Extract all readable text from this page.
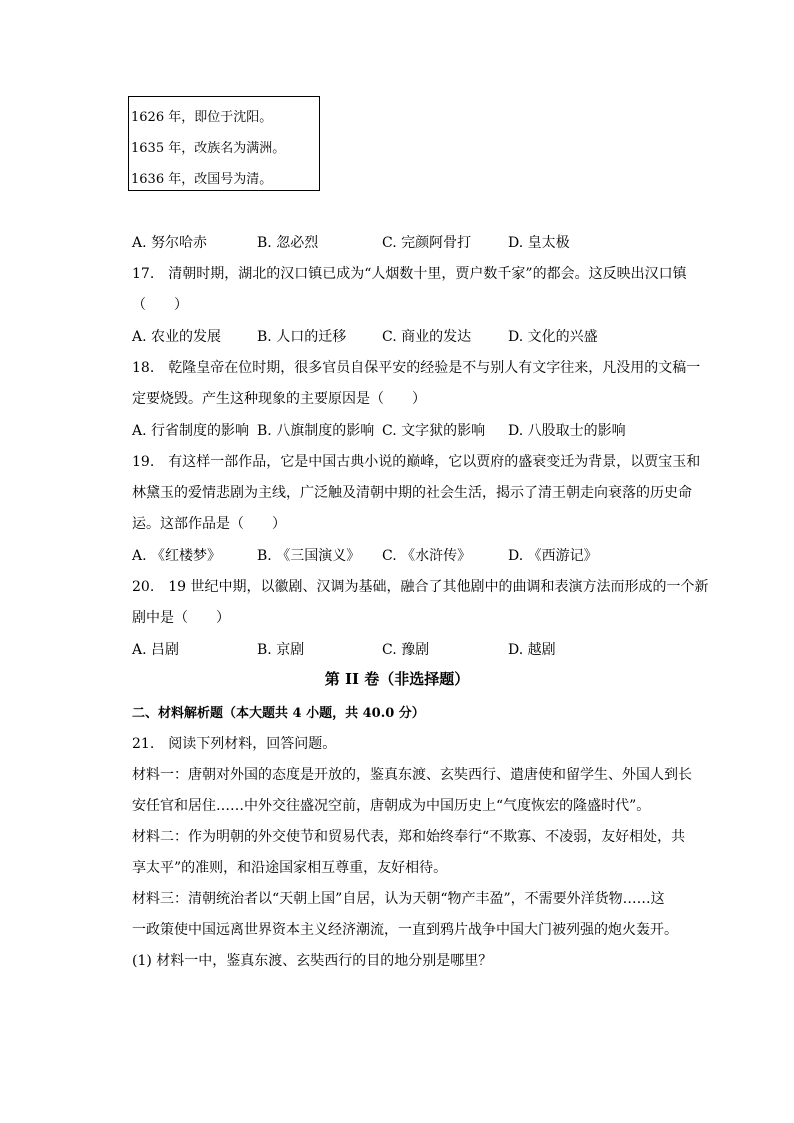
1626 年，即位于沈阳。
1635 年，改族名为满洲。
1636 年，改国号为清。
A. 努尔哈赤	B. 忽必烈	C. 完颜阿骨打	D. 皇太极
17.　清朝时期，湖北的汉口镇已成为“人烟数十里，贾户数千家”的都会。这反映出汉口镇
（　　）
A. 农业的发展	B. 人口的迁移	C. 商业的发达	D. 文化的兴盛
18.　乾隆皇帝在位时期，很多官员自保平安的经验是不与别人有文字往来，凡没用的文稿一
定要烧毁。产生这种现象的主要原因是（　　）
A. 行省制度的影响 B. 八旗制度的影响 C. 文字狱的影响 D. 八股取士的影响
19.　有这样一部作品，它是中国古典小说的巅峰，它以贾府的盛衰变迁为背景，以贾宝玉和
林黛玉的爱情悲剧为主线，广泛触及清朝中期的社会生活，揭示了清王朝走向衰落的历史命
运。这部作品是（　　）
A. 《红楼梦》	B. 《三国演义》 C. 《水浒传》	D. 《西游记》
20.　19 世纪中期，以徽剧、汉调为基础，融合了其他剧中的曲调和表演方法而形成的一个新
剧中是（　　）
A. 吕剧	B. 京剧	C. 豫剧	D. 越剧
第 II 卷（非选择题）
二、材料解析题（本大题共 4 小题，共 40.0 分）
21.　阅读下列材料，回答问题。
材料一：唐朝对外国的态度是开放的，鉴真东渡、玄奘西行、遣唐使和留学生、外国人到长
安任官和居住……中外交往盛况空前，唐朝成为中国历史上“气度恢宏的隆盛时代”。
材料二：作为明朝的外交使节和贸易代表，郑和始终奉行“不欺寡、不凌弱，友好相处，共
享太平”的准则，和沿途国家相互尊重，友好相待。
材料三：清朝统治者以“天朝上国”自居，认为天朝“物产丰盈”，不需要外洋货物……这
一政策使中国远离世界资本主义经济潮流，一直到鸦片战争中国大门被列强的炮火轰开。
(1) 材料一中，鉴真东渡、玄奘西行的目的地分别是哪里？
